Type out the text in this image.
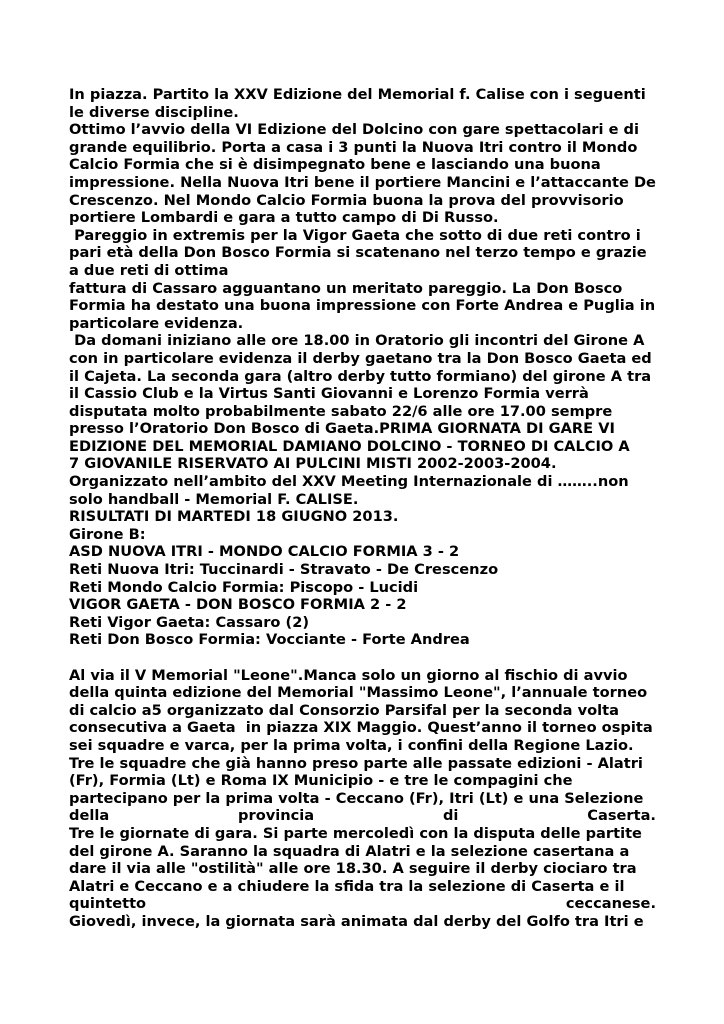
In piazza. Partito la XXV Edizione del Memorial f. Calise con i seguenti
le diverse discipline.
Ottimo l’avvio della VI Edizione del Dolcino con gare spettacolari e di
grande equilibrio. Porta a casa i 3 punti la Nuova Itri contro il Mondo
Calcio Formia che si è disimpegnato bene e lasciando una buona
impressione. Nella Nuova Itri bene il portiere Mancini e l’attaccante De
Crescenzo. Nel Mondo Calcio Formia buona la prova del provvisorio
portiere Lombardi e gara a tutto campo di Di Russo.
Pareggio in extremis per la Vigor Gaeta che sotto di due reti contro i
pari età della Don Bosco Formia si scatenano nel terzo tempo e grazie
a due reti di ottima
fattura di Cassaro agguantano un meritato pareggio. La Don Bosco
Formia ha destato una buona impressione con Forte Andrea e Puglia in
particolare evidenza.
Da domani iniziano alle ore 18.00 in Oratorio gli incontri del Girone A
con in particolare evidenza il derby gaetano tra la Don Bosco Gaeta ed
il Cajeta. La seconda gara (altro derby tutto formiano) del girone A tra
il Cassio Club e la Virtus Santi Giovanni e Lorenzo Formia verrà
disputata molto probabilmente sabato 22/6 alle ore 17.00 sempre
presso l’Oratorio Don Bosco di Gaeta.PRIMA GIORNATA DI GARE VI
EDIZIONE DEL MEMORIAL DAMIANO DOLCINO - TORNEO DI CALCIO A
7 GIOVANILE RISERVATO AI PULCINI MISTI 2002-2003-2004.
Organizzato nell’ambito del XXV Meeting Internazionale di ……..non
solo handball - Memorial F. CALISE.
RISULTATI DI MARTEDI 18 GIUGNO 2013.
Girone B:
ASD NUOVA ITRI - MONDO CALCIO FORMIA 3 - 2
Reti Nuova Itri: Tuccinardi - Stravato - De Crescenzo
Reti Mondo Calcio Formia: Piscopo - Lucidi
VIGOR GAETA - DON BOSCO FORMIA 2 - 2
Reti Vigor Gaeta: Cassaro (2)
Reti Don Bosco Formia: Vocciante - Forte Andrea
Al via il V Memorial "Leone".Manca solo un giorno al fischio di avvio
della quinta edizione del Memorial "Massimo Leone", l’annuale torneo
di calcio a5 organizzato dal Consorzio Parsifal per la seconda volta
consecutiva a Gaeta  in piazza XIX Maggio. Quest’anno il torneo ospita
sei squadre e varca, per la prima volta, i confini della Regione Lazio.
Tre le squadre che già hanno preso parte alle passate edizioni - Alatri
(Fr), Formia (Lt) e Roma IX Municipio - e tre le compagini che
partecipano per la prima volta - Ceccano (Fr), Itri (Lt) e una Selezione
della	provincia	di	Caserta.
Tre le giornate di gara. Si parte mercoledì con la disputa delle partite
del girone A. Saranno la squadra di Alatri e la selezione casertana a
dare il via alle "ostilità" alle ore 18.30. A seguire il derby ciociaro tra
Alatri e Ceccano e a chiudere la sfida tra la selezione di Caserta e il
quintetto	ceccanese.
Giovedì, invece, la giornata sarà animata dal derby del Golfo tra Itri e
